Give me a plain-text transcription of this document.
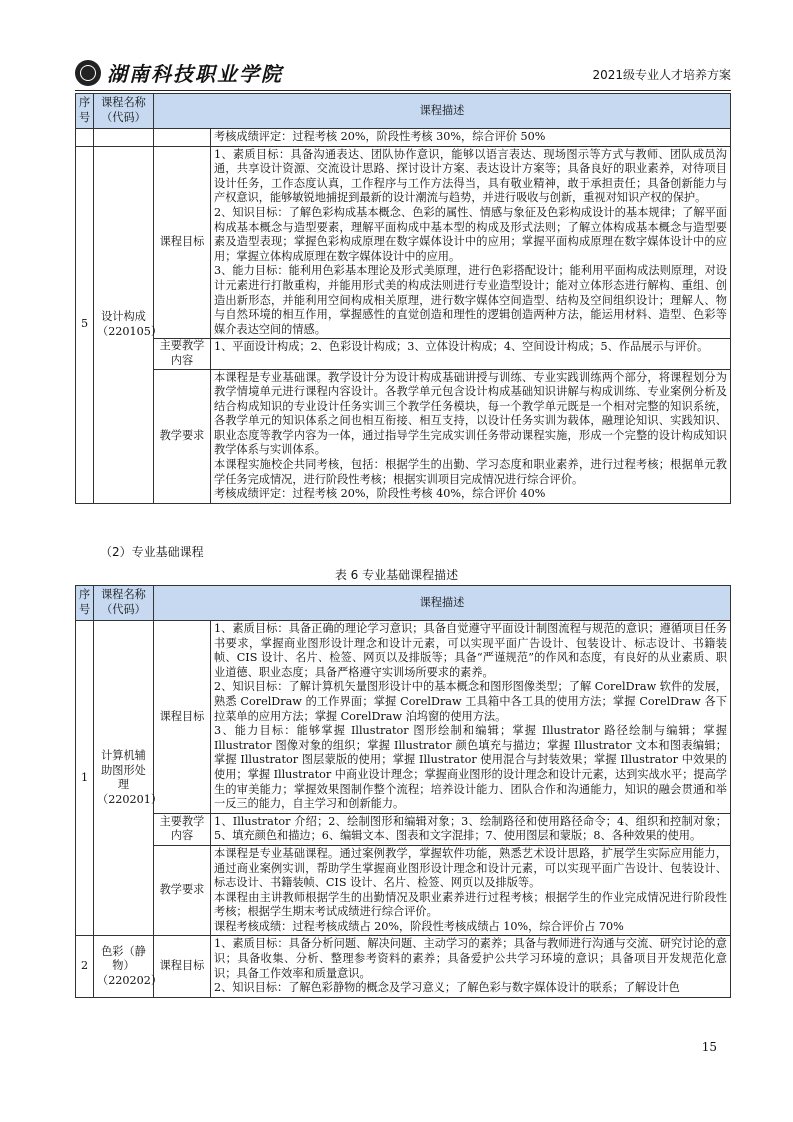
湖南科技职业学院	2021级专业人才培养方案
序号	课程名称（代码）	课程描述	
			考核成绩评定：过程考核 20%，阶段性考核 30%，综合评价 50%
5	设计构成（220105）	课程目标	1、素质目标：具备沟通表达、团队协作意识，能够以语言表达、现场图示等方式与教师、团队成员沟通，共享设计资源、交流设计思路、探讨设计方案、表达设计方案等；具备良好的职业素养，对待项目设计任务，工作态度认真，工作程序与工作方法得当，具有敬业精神，敢于承担责任；具备创新能力与产权意识，能够敏锐地捕捉到最新的设计潮流与趋势，并进行吸收与创新，重视对知识产权的保护。

2、知识目标：了解色彩构成基本概念、色彩的属性、情感与象征及色彩构成设计的基本规律；了解平面构成基本概念与造型要素，理解平面构成中基本型的构成及形式法则；了解立体构成基本概念与造型要素及造型表现；掌握色彩构成原理在数字媒体设计中的应用；掌握平面构成原理在数字媒体设计中的应用；掌握立体构成原理在数字媒体设计中的应用。

3、能力目标：能利用色彩基本理论及形式美原理，进行色彩搭配设计；能利用平面构成法则原理，对设计元素进行打散重构，并能用形式美的构成法则进行专业造型设计；能对立体形态进行解构、重组、创造出新形态，并能利用空间构成相关原理，进行数字媒体空间造型、结构及空间组织设计；理解人、物与自然环境的相互作用，掌握感性的直觉创造和理性的逻辑创造两种方法，能运用材料、造型、色彩等媒介表达空间的情感。

		主要教学内容	1、平面设计构成；2、色彩设计构成；3、立体设计构成；4、空间设计构成；5、作品展示与评价。
		教学要求	本课程是专业基础课。教学设计分为设计构成基础讲授与训练、专业实践训练两个部分，将课程划分为教学情境单元进行课程内容设计。各教学单元包含设计构成基础知识讲解与构成训练、专业案例分析及结合构成知识的专业设计任务实训三个教学任务模块，每一个教学单元既是一个相对完整的知识系统，各教学单元的知识体系之间也相互衔接、相互支持，以设计任务实训为载体，融理论知识、实践知识、职业态度等教学内容为一体，通过指导学生完成实训任务带动课程实施，形成一个完整的设计构成知识教学体系与实训体系。

本课程实施校企共同考核，包括：根据学生的出勤、学习态度和职业素养，进行过程考核；根据单元教学任务完成情况，进行阶段性考核；根据实训项目完成情况进行综合评价。

考核成绩评定：过程考核 20%，阶段性考核 40%，综合评价 40%

（2）专业基础课程
表 6 专业基础课程描述
序号	课程名称（代码）	课程描述	
1	计算机辅助图形处理（220201）	课程目标	1、素质目标：具备正确的理论学习意识；具备自觉遵守平面设计制图流程与规范的意识；遵循项目任务书要求，掌握商业图形设计理念和设计元素，可以实现平面广告设计、包装设计、标志设计、书籍装帧、CIS 设计、名片、检签、网页以及排版等；具备“严谨规范”的作风和态度，有良好的从业素质、职业道德、职业态度；具备严格遵守实训场所要求的素养。

2、知识目标：了解计算机矢量图形设计中的基本概念和图形图像类型；了解 CorelDraw 软件的发展，熟悉 CorelDraw 的工作界面；掌握 CorelDraw 工具箱中各工具的使用方法；掌握 CorelDraw 各下拉菜单的应用方法；掌握 CorelDraw 泊坞窗的使用方法。

3、能力目标：能够掌握 Illustrator 图形绘制和编辑；掌握 Illustrator 路径绘制与编辑；掌握 Illustrator 图像对象的组织；掌握 Illustrator 颜色填充与描边；掌握 Illustrator 文本和图表编辑；掌握 Illustrator 图层蒙版的使用；掌握 Illustrator 使用混合与封装效果；掌握 Illustrator 中效果的使用；掌握 Illustrator 中商业设计理念；掌握商业图形的设计理念和设计元素，达到实战水平；提高学生的审美能力；掌握效果图制作整个流程；培养设计能力、团队合作和沟通能力，知识的融会贯通和举一反三的能力，自主学习和创新能力。

		主要教学内容	1、Illustrator 介绍；2、绘制图形和编辑对象；3、绘制路径和使用路径命令；4、组织和控制对象；5、填充颜色和描边；6、编辑文本、图表和文字混排；7、使用图层和蒙版；8、各种效果的使用。
		教学要求	本课程是专业基础课程。通过案例教学，掌握软件功能，熟悉艺术设计思路，扩展学生实际应用能力，通过商业案例实训，帮助学生掌握商业图形设计理念和设计元素，可以实现平面广告设计、包装设计、标志设计、书籍装帧、CIS 设计、名片、检签、网页以及排版等。

本课程由主讲教师根据学生的出勤情况及职业素养进行过程考核；根据学生的作业完成情况进行阶段性考核；根据学生期末考试成绩进行综合评价。

课程考核成绩：过程考核成绩占 20%，阶段性考核成绩占 10%，综合评价占 70%

2	色彩（静物）（220202）	课程目标	1、素质目标：具备分析问题、解决问题、主动学习的素养；具备与教师进行沟通与交流、研究讨论的意识；具备收集、分析、整理参考资料的素养；具备爱护公共学习环境的意识；具备项目开发规范化意识；具备工作效率和质量意识。

2、知识目标：了解色彩静物的概念及学习意义；了解色彩与数字媒体设计的联系；了解设计色

15
